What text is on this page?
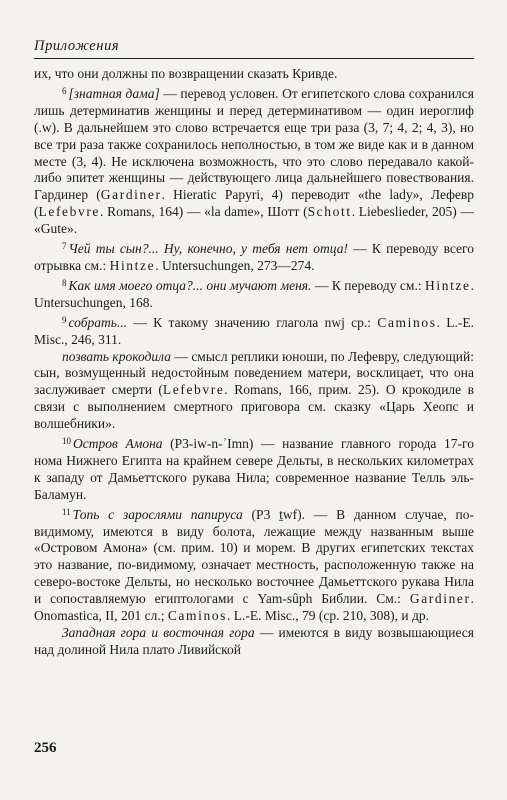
Приложения

их, что они должны по возвращении сказать Кривде.

$^6$ [знатная дама] — перевод условен. От египетского слова сохранился лишь детерминатив женщины и перед детерминативом — один иероглиф (.w). В дальнейшем это слово встречается еще три раза (3, 7; 4, 2; 4, 3), но все три раза также сохранилось неполностью, в том же виде как и в данном месте (3, 4). Не исключена возможность, что это слово передавало какой-либо эпитет женщины — действующего лица дальнейшего повествования. Гардинер (Gardiner. Hieratic Papyri, 4) переводит «the lady», Лефевр (Lefebvre. Romans, 164) — «la dame», Шотт (Schott. Liebeslieder, 205) — «Gute».

$^7$ Чей ты сын?... Ну, конечно, у тебя нет отца! — К переводу всего отрывка см.: Hintze. Untersuchungen, 273—274.

$^8$ Как имя моего отца?... они мучают меня. — К переводу см.: Hintze. Untersuchungen, 168.

$^9$ собрать... — К такому значению глагола nwj ср.: Caminos. L.-E. Misc., 246, 311.

позвать крокодила — смысл реплики юноши, по Лефевру, следующий: сын, возмущенный недостойным поведением матери, восклицает, что она заслуживает смерти (Lefebvre. Romans, 166, прим. 25). О крокодиле в связи с выполнением смертного приговора см. сказку «Царь Хеопс и волшебники».

$^{10}$ Остров Амона (P3-iw-n-ʾImn) — название главного города 17-го нома Нижнего Египта на крайнем севере Дельты, в нескольких километрах к западу от Дамьеттского рукава Нила; современное название Телль эль-Баламун.

$^{11}$ Топь с зарослями папируса (P3 ṯwf). — В данном случае, по-видимому, имеются в виду болота, лежащие между названным выше «Островом Амона» (см. прим. 10) и морем. В других египетских текстах это название, по-видимому, означает местность, расположенную также на северо-востоке Дельты, но несколько восточнее Дамьеттского рукава Нила и сопоставляемую египтологами с Yam-sûph Библии. См.: Gardiner. Onomastica, II, 201 сл.; Caminos. L.-E. Misc., 79 (ср. 210, 308), и др.

Западная гора и восточная гора — имеются в виду возвышающиеся над долиной Нила плато Ливийской

256
